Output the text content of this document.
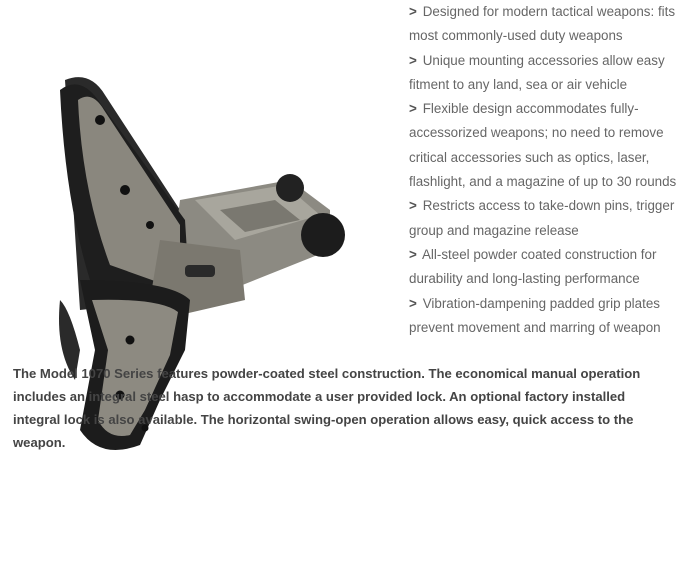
> Designed for modern tactical weapons: fits most commonly-used duty weapons
> Unique mounting accessories allow easy fitment to any land, sea or air vehicle
> Flexible design accommodates fully-accessorized weapons; no need to remove critical accessories such as optics, laser, flashlight, and a magazine of up to 30 rounds
> Restricts access to take-down pins, trigger group and magazine release
> All-steel powder coated construction for durability and long-lasting performance
> Vibration-dampening padded grip plates prevent movement and marring of weapon

The Model 1070 Series features powder-coated steel construction. The economical manual operation includes an integral steel hasp to accommodate a user provided lock. An optional factory installed integral lock is also available. The horizontal swing-open operation allows easy, quick access to the weapon.
